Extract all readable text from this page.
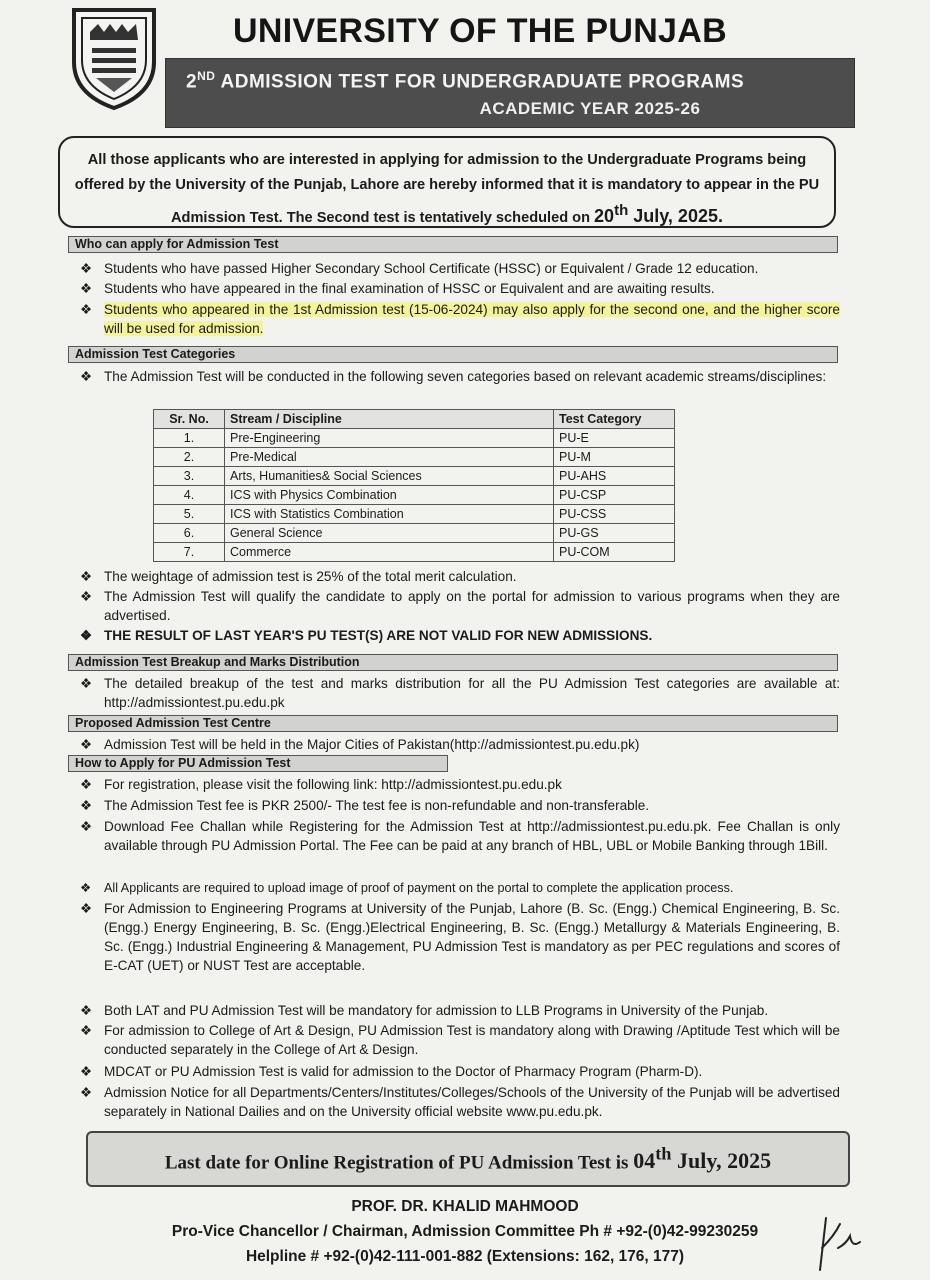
UNIVERSITY OF THE PUNJAB
2ND ADMISSION TEST FOR UNDERGRADUATE PROGRAMS
ACADEMIC YEAR 2025-26
All those applicants who are interested in applying for admission to the Undergraduate Programs being offered by the University of the Punjab, Lahore are hereby informed that it is mandatory to appear in the PU Admission Test. The Second test is tentatively scheduled on 20th July, 2025.
Who can apply for Admission Test
❖ Students who have passed Higher Secondary School Certificate (HSSC) or Equivalent / Grade 12 education.
❖ Students who have appeared in the final examination of HSSC or Equivalent and are awaiting results.
❖ Students who appeared in the 1st Admission test (15-06-2024) may also apply for the second one, and the higher score will be used for admission.
Admission Test Categories
❖ The Admission Test will be conducted in the following seven categories based on relevant academic streams/disciplines:
Sr. No.	Stream / Discipline	Test Category
1.	Pre-Engineering	PU-E
2.	Pre-Medical	PU-M
3.	Arts, Humanities& Social Sciences	PU-AHS
4.	ICS with Physics Combination	PU-CSP
5.	ICS with Statistics Combination	PU-CSS
6.	General Science	PU-GS
7.	Commerce	PU-COM
❖ The weightage of admission test is 25% of the total merit calculation.
❖ The Admission Test will qualify the candidate to apply on the portal for admission to various programs when they are advertised.
❖ THE RESULT OF LAST YEAR'S PU TEST(S) ARE NOT VALID FOR NEW ADMISSIONS.
Admission Test Breakup and Marks Distribution
❖ The detailed breakup of the test and marks distribution for all the PU Admission Test categories are available at: http://admissiontest.pu.edu.pk
Proposed Admission Test Centre
❖ Admission Test will be held in the Major Cities of Pakistan(http://admissiontest.pu.edu.pk)
How to Apply for PU Admission Test
❖ For registration, please visit the following link: http://admissiontest.pu.edu.pk
❖ The Admission Test fee is PKR 2500/- The test fee is non-refundable and non-transferable.
❖ Download Fee Challan while Registering for the Admission Test at http://admissiontest.pu.edu.pk. Fee Challan is only available through PU Admission Portal. The Fee can be paid at any branch of HBL, UBL or Mobile Banking through 1Bill.
❖	All Applicants are required to upload image of proof of payment on the portal to complete the application process.
❖ For Admission to Engineering Programs at University of the Punjab, Lahore (B. Sc. (Engg.) Chemical Engineering, B. Sc. (Engg.) Energy Engineering, B. Sc. (Engg.)Electrical Engineering, B. Sc. (Engg.) Metallurgy & Materials Engineering, B. Sc. (Engg.) Industrial Engineering & Management, PU Admission Test is mandatory as per PEC regulations and scores of E-CAT (UET) or NUST Test are acceptable.
❖ Both LAT and PU Admission Test will be mandatory for admission to LLB Programs in University of the Punjab.
❖ For admission to College of Art & Design, PU Admission Test is mandatory along with Drawing /Aptitude Test which will be conducted separately in the College of Art & Design.
❖ MDCAT or PU Admission Test is valid for admission to the Doctor of Pharmacy Program (Pharm-D).
❖ Admission Notice for all Departments/Centers/Institutes/Colleges/Schools of the University of the Punjab will be advertised separately in National Dailies and on the University official website www.pu.edu.pk.
Last date for Online Registration of PU Admission Test is 04th July, 2025
PROF. DR. KHALID MAHMOOD
Pro-Vice Chancellor / Chairman, Admission Committee Ph # +92-(0)42-99230259
Helpline # +92-(0)42-111-001-882 (Extensions: 162, 176, 177)
